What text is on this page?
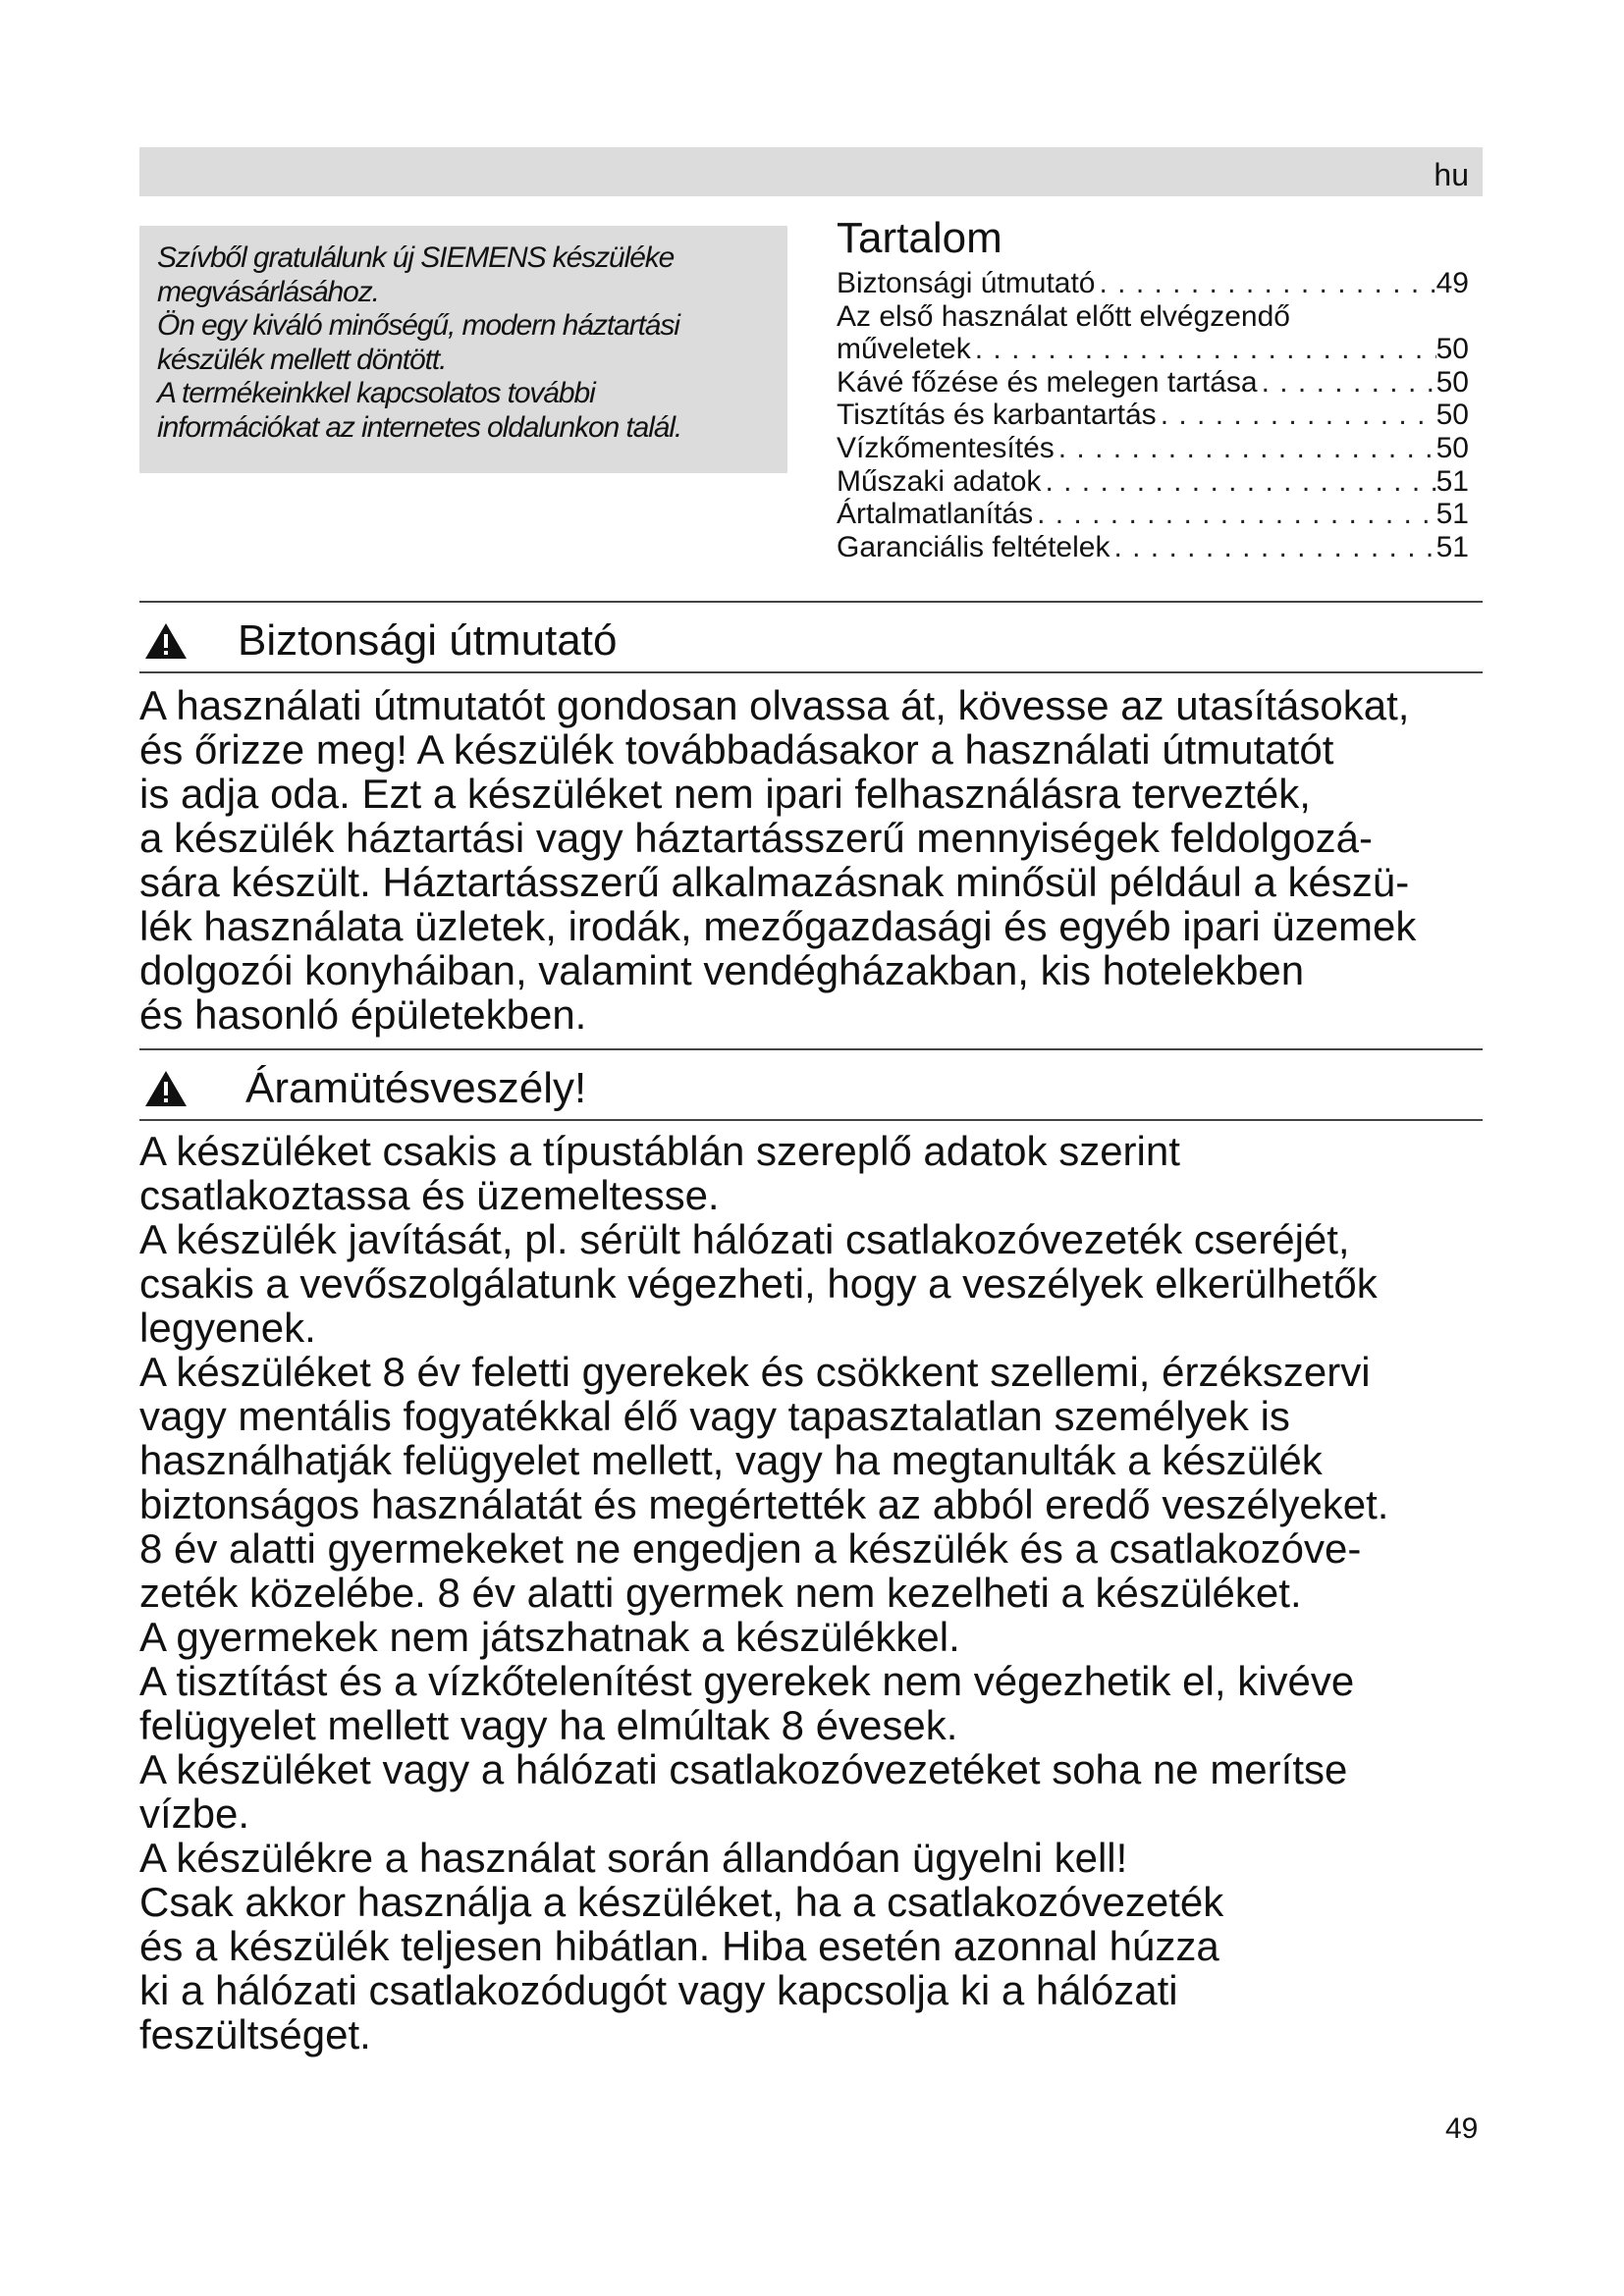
hu

Szívből gratulálunk új SIEMENS készüléke

megvásárlásához.

Ön egy kiváló minőségű, modern háztartási

készülék mellett döntött.

A termékeinkkel kapcsolatos további

információkat az internetes oldalunkon talál.

Tartalom
Biztonsági útmutató . . .	49
Az első használat előtt elvégzendő
műveletek . . .	50
Kávé főzése és melegen tartása . . .	50
Tisztítás és karbantartás . . .	50
Vízkőmentesítés . . .	50
Műszaki adatok . . .	51
Ártalmatlanítás . . .	51
Garanciális feltételek . . .	51
Biztonsági útmutató
A használati útmutatót gondosan olvassa át, kövesse az utasításokat,
és őrizze meg! A készülék továbbadásakor a használati útmutatót
is adja oda. Ezt a készüléket nem ipari felhasználásra tervezték,
a készülék háztartási vagy háztartásszerű mennyiségek feldolgozá-
sára készült. Háztartásszerű alkalmazásnak minősül például a készü-
lék használata üzletek, irodák, mezőgazdasági és egyéb ipari üzemek
dolgozói konyháiban, valamint vendégházakban, kis hotelekben
és hasonló épületekben.
Áramütésveszély!
A készüléket csakis a típustáblán szereplő adatok szerint
csatlakoztassa és üzemeltesse.
A készülék javítását, pl. sérült hálózati csatlakozóvezeték cseréjét,
csakis a vevőszolgálatunk végezheti, hogy a veszélyek elkerülhetők
legyenek.
A készüléket 8 év feletti gyerekek és csökkent szellemi, érzékszervi
vagy mentális fogyatékkal élő vagy tapasztalatlan személyek is
használhatják felügyelet mellett, vagy ha megtanulták a készülék
biztonságos használatát és megértették az abból eredő veszélyeket.
8 év alatti gyermekeket ne engedjen a készülék és a csatlakozóve-
zeték közelébe. 8 év alatti gyermek nem kezelheti a készüléket.
A gyermekek nem játszhatnak a készülékkel.
A tisztítást és a vízkőtelenítést gyerekek nem végezhetik el, kivéve
felügyelet mellett vagy ha elmúltak 8 évesek.
A készüléket vagy a hálózati csatlakozóvezetéket soha ne merítse
vízbe.
A készülékre a használat során állandóan ügyelni kell!
Csak akkor használja a készüléket, ha a csatlakozóvezeték
és a készülék teljesen hibátlan. Hiba esetén azonnal húzza
ki a hálózati csatlakozódugót vagy kapcsolja ki a hálózati
feszültséget.
49
